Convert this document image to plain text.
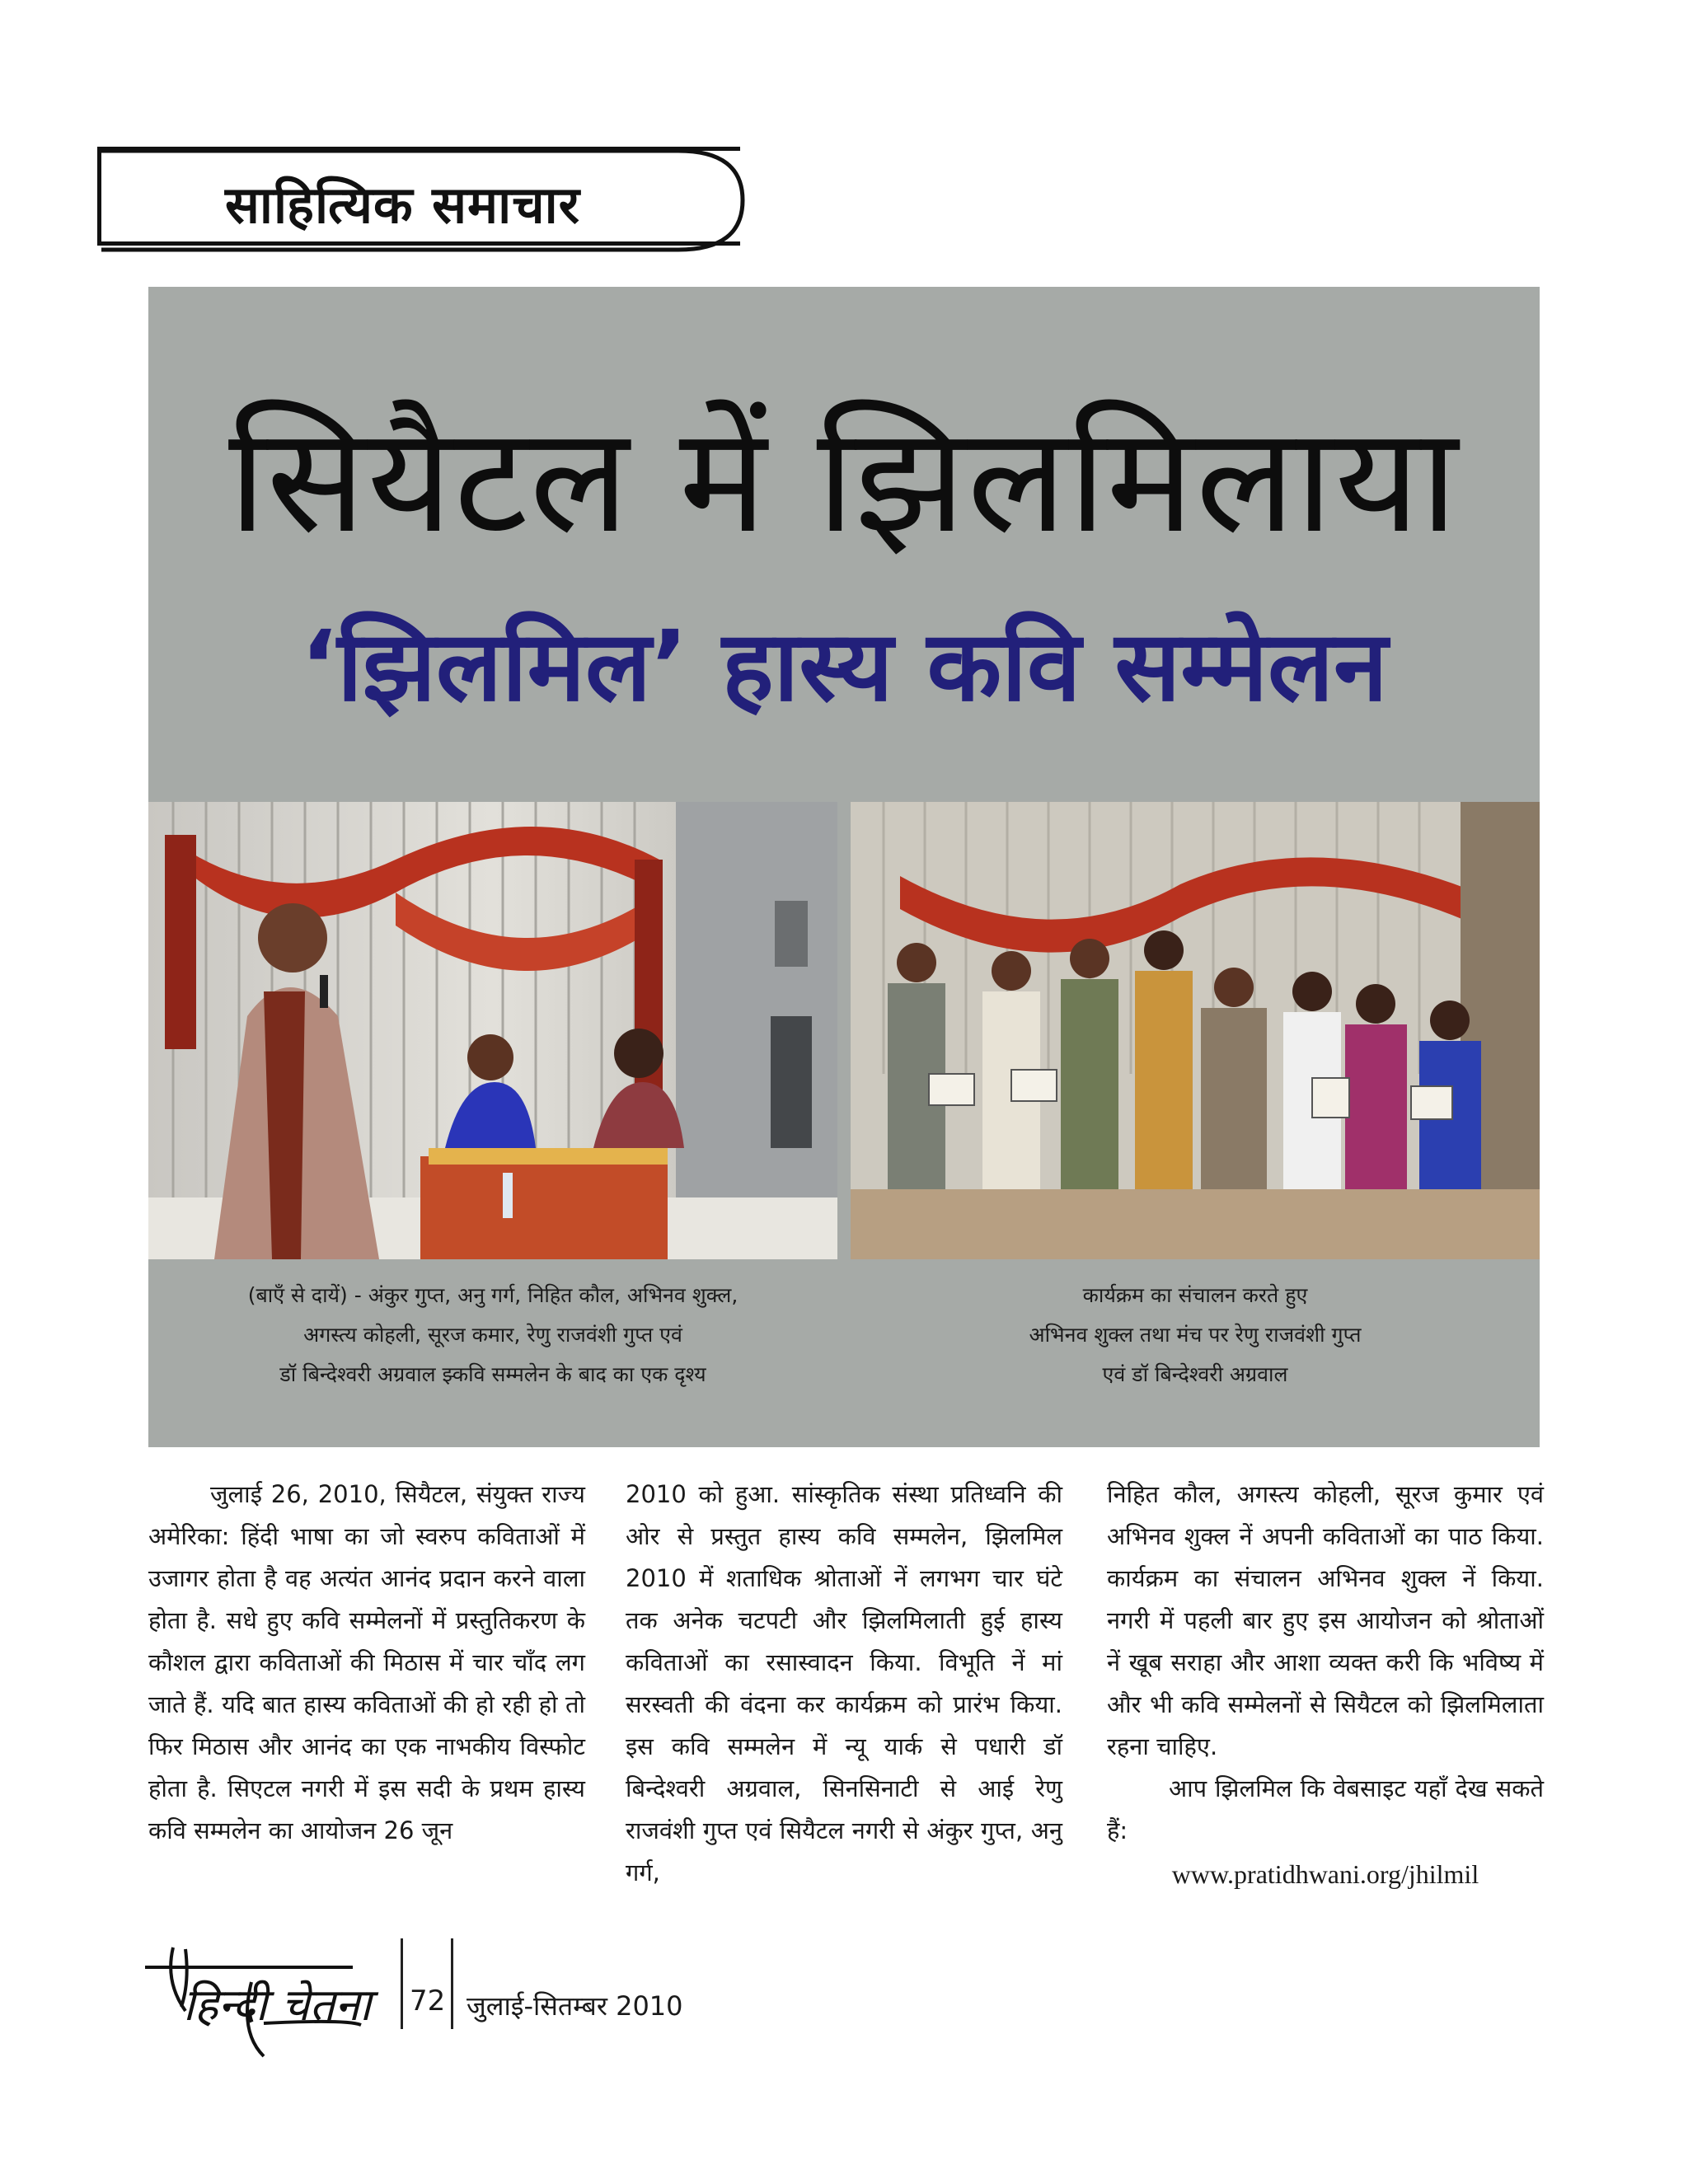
साहित्यिक समाचार
सियैटल में झिलमिलाया
‘झिलमिल’ हास्य कवि सम्मेलन
(बाएँ से दायें) - अंकुर गुप्त, अनु गर्ग, निहित कौल, अभिनव शुक्ल,
अगस्त्य कोहली, सूरज कमार, रेणु राजवंशी गुप्त एवं
डॉ बिन्देश्वरी अग्रवाल झ्कवि सम्मलेन के बाद का एक दृश्य
कार्यक्रम का संचालन करते हुए
अभिनव शुक्ल तथा मंच पर रेणु राजवंशी गुप्त
एवं डॉ बिन्देश्वरी अग्रवाल

जुलाई 26, 2010, सियैटल, संयुक्त राज्य अमेरिका: हिंदी भाषा का जो स्वरुप कविताओं में उजागर होता है वह अत्यंत आनंद प्रदान करने वाला होता है. सधे हुए कवि सम्मेलनों में प्रस्तुतिकरण के कौशल द्वारा कविताओं की मिठास में चार चाँद लग जाते हैं. यदि बात हास्य कविताओं की हो रही हो तो फिर मिठास और आनंद का एक नाभकीय विस्फोट होता है. सिएटल नगरी में इस सदी के प्रथम हास्य कवि सम्मलेन का आयोजन 26 जून

2010 को हुआ. सांस्कृतिक संस्था प्रतिध्वनि की ओर से प्रस्तुत हास्य कवि सम्मलेन, झिलमिल 2010 में शताधिक श्रोताओं नें लगभग चार घंटे तक अनेक चटपटी और झिलमिलाती हुई हास्य कविताओं का रसास्वादन किया. विभूति नें मां सरस्वती की वंदना कर कार्यक्रम को प्रारंभ किया. इस कवि सम्मलेन में न्यू यार्क से पधारी डॉ बिन्देश्वरी अग्रवाल, सिनसिनाटी से आई रेणु राजवंशी गुप्त एवं सियैटल नगरी से अंकुर गुप्त, अनु गर्ग,

निहित कौल, अगस्त्य कोहली, सूरज कुमार एवं अभिनव शुक्ल नें अपनी कविताओं का पाठ किया. कार्यक्रम का संचालन अभिनव शुक्ल नें किया. नगरी में पहली बार हुए इस आयोजन को श्रोताओं नें खूब सराहा और आशा व्यक्त करी कि भविष्य में और भी कवि सम्मेलनों से सियैटल को झिलमिलाता रहना चाहिए.

आप झिलमिल कि वेबसाइट यहाँ देख सकते हैं:

www.pratidhwani.org/jhilmil
हिन्दी चेतना 72 जुलाई-सितम्बर 2010
